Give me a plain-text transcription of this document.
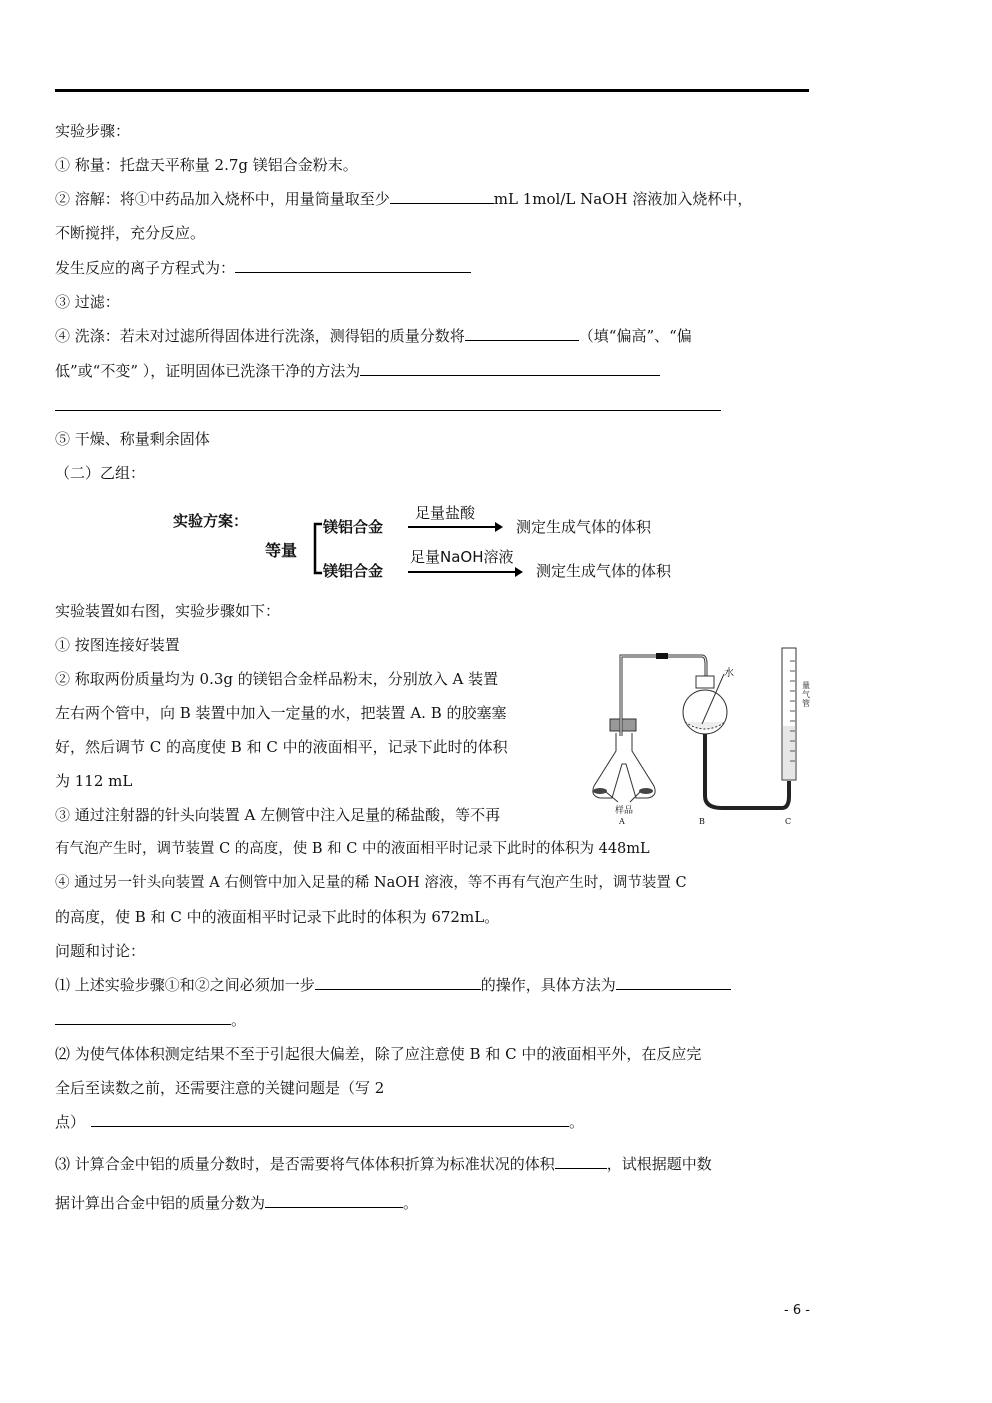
实验步骤：
① 称量：托盘天平称量 2.7g 镁铝合金粉末。
② 溶解：将①中药品加入烧杯中，用量筒量取至少	mL 1mol/L NaOH 溶液加入烧杯中，
不断搅拌，充分反应。
发生反应的离子方程式为：
③ 过滤：
④ 洗涤：若未对过滤所得固体进行洗涤，测得铝的质量分数将	（填“偏高”、“偏
低”或“不变” ），证明固体已洗涤干净的方法为
⑤ 干燥、称量剩余固体
（二）乙组：
实验方案：
等量
镁铝合金
镁铝合金
足量盐酸
足量NaOH溶液
测定生成气体的体积
测定生成气体的体积
实验装置如右图，实验步骤如下：
① 按图连接好装置
② 称取两份质量均为 0.3g 的镁铝合金样品粉末，分别放入 A 装置
左右两个管中，向 B 装置中加入一定量的水，把装置 A. B 的胶塞塞
好，然后调节 C 的高度使 B 和 C 中的液面相平，记录下此时的体积
为 112 mL
③ 通过注射器的针头向装置 A 左侧管中注入足量的稀盐酸，等不再
有气泡产生时，调节装置 C 的高度，使 B 和 C 中的液面相平时记录下此时的体积为 448mL
④ 通过另一针头向装置 A 右侧管中加入足量的稀 NaOH 溶液，等不再有气泡产生时，调节装置 C
的高度，使 B 和 C 中的液面相平时记录下此时的体积为 672mL。
问题和讨论：
水
样品
量气管
A	B	C
⑴ 上述实验步骤①和②之间必须加一步	的操作，具体方法为
。
⑵ 为使气体体积测定结果不至于引起很大偏差，除了应注意使 B 和 C 中的液面相平外，在反应完
全后至读数之前，还需要注意的关键问题是（写 2
点）	。
⑶ 计算合金中铝的质量分数时，是否需要将气体体积折算为标准状况的体积	，试根据题中数
据计算出合金中铝的质量分数为	。
- 6 -
